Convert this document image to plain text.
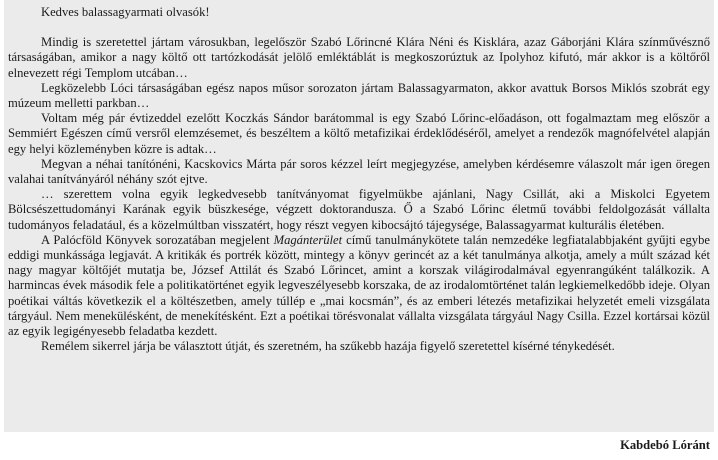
Kedves balassagyarmati olvasók!

Mindig is szeretettel jártam városukban, legelőször Szabó Lőrincné Klára Néni és Kisklára, azaz Gáborjáni Klára színművésznő társaságában, amikor a nagy költő ott tartózkodását jelölő emléktáblát is megkoszorúztuk az Ipolyhoz kifutó, már akkor is a költőről elnevezett régi Templom utcában…

Legközelebb Lóci társaságában egész napos műsor sorozaton jártam Balassagyarmaton, akkor avattuk Borsos Miklós szobrát egy múzeum melletti parkban…

Voltam még pár évtizeddel ezelőtt Koczkás Sándor barátommal is egy Szabó Lőrinc-előadáson, ott fogalmaztam meg először a Semmiért Egészen című versről elemzésemet, és beszéltem a költő metafizikai érdeklődéséről, amelyet a rendezők magnófelvétel alapján egy helyi közleményben közre is adtak…

Megvan a néhai tanítónéni, Kacskovics Márta pár soros kézzel leírt megjegyzése, amelyben kérdésemre válaszolt már igen öregen valahai tanítványáról néhány szót ejtve.

… szerettem volna egyik legkedvesebb tanítványomat figyelmükbe ajánlani, Nagy Csillát, aki a Miskolci Egyetem Bölcsészettudományi Karának egyik büszkesége, végzett doktorandusza. Ő a Szabó Lőrinc életmű további feldolgozását vállalta tudományos feladatául, és a közelmúltban visszatért, hogy részt vegyen kibocsájtó tájegysége, Balassagyarmat kulturális életében.

A Palócföld Könyvek sorozatában megjelent Magánterület című tanulmánykötete talán nemzedéke legfiatalabbjaként gyűjti egybe eddigi munkássága legjavát. A kritikák és portrék között, mintegy a könyv gerincét az a két tanulmánya alkotja, amely a múlt század két nagy magyar költőjét mutatja be, József Attilát és Szabó Lőrincet, amint a korszak világirodalmával egyenrangúként találkozik. A harmincas évek második fele a politikatörténet egyik legveszélyesebb korszaka, de az irodalomtörténet talán legkiemelkedőbb ideje. Olyan poétikai váltás következik el a költészetben, amely túllép e „mai kocsmán”, és az emberi létezés metafizikai helyzetét emeli vizsgálata tárgyául. Nem menekülésként, de menekítésként. Ezt a poétikai törésvonalat vállalta vizsgálata tárgyául Nagy Csilla. Ezzel kortársai közül az egyik legigényesebb feladatba kezdett.

Remélem sikerrel járja be választott útját, és szeretném, ha szűkebb hazája figyelő szeretettel kísérné ténykedését.

Kabdebó Lóránt
